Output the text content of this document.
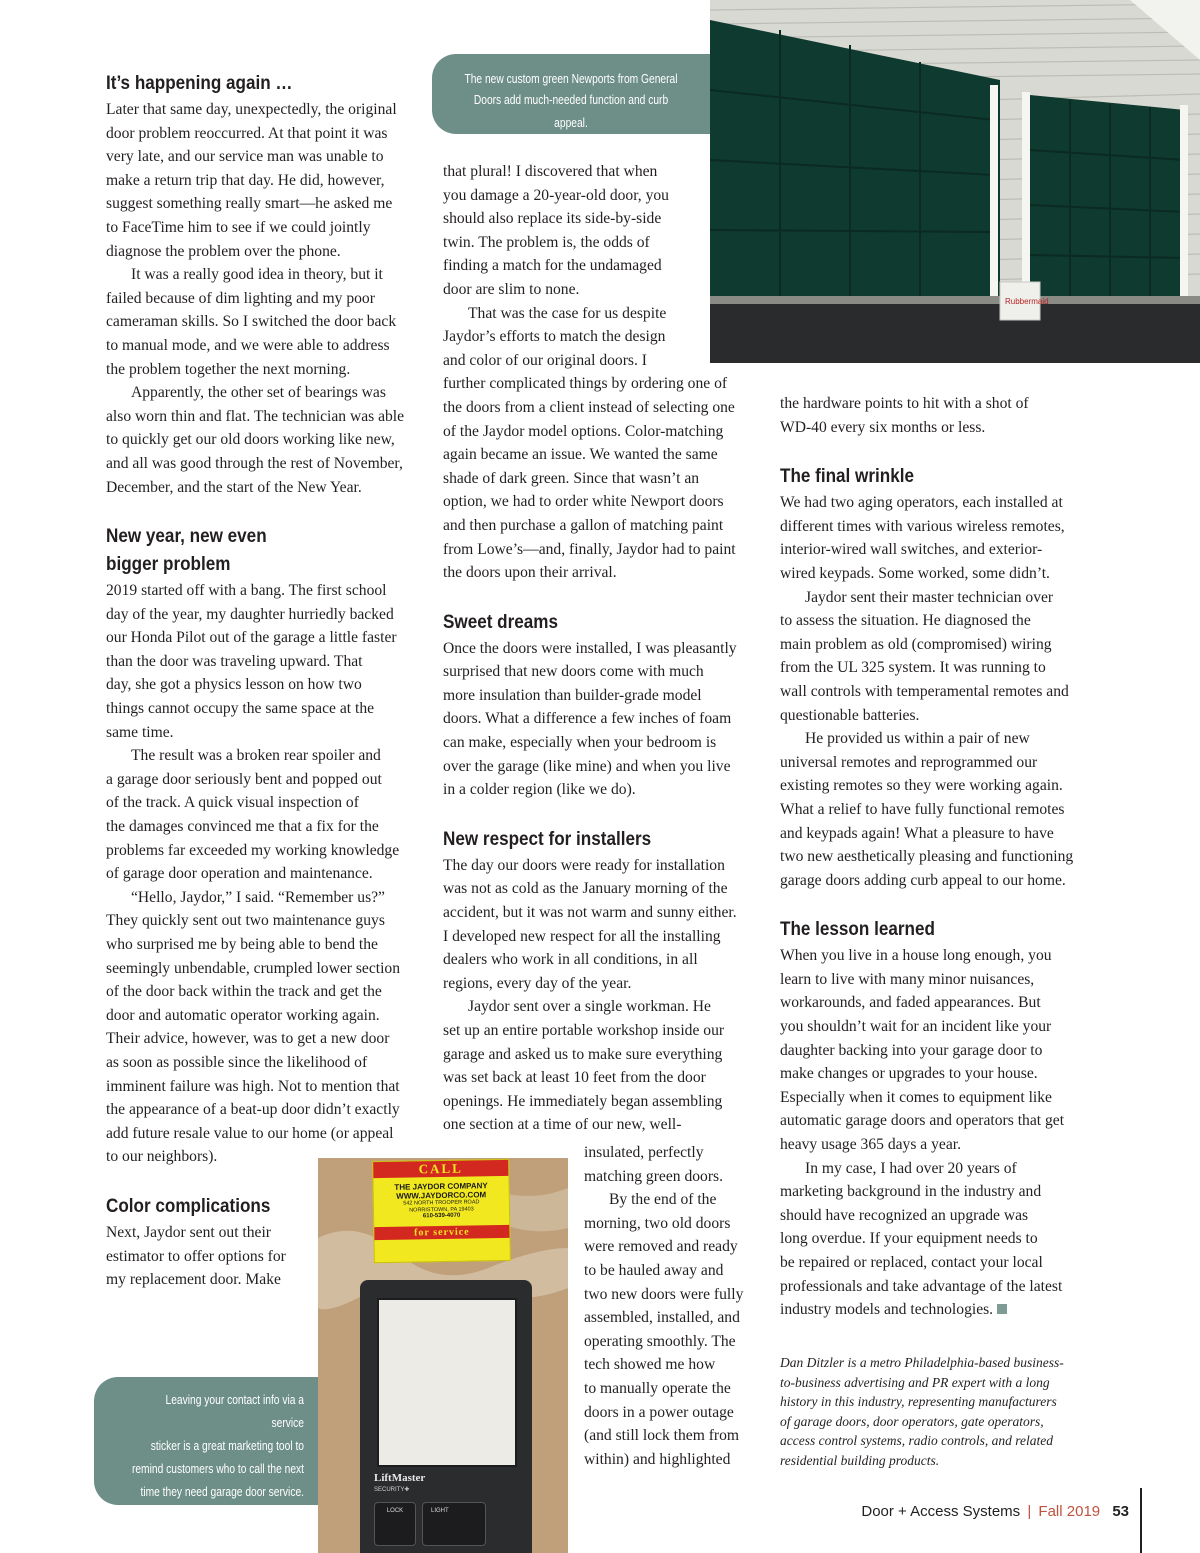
Rubbermaid
The new custom green Newports from General
Doors add much-needed function and curb appeal.
It’s happening again …

Later that same day, unexpectedly, the original

door problem reoccurred. At that point it was

very late, and our service man was unable to

make a return trip that day. He did, however,

suggest something really smart—he asked me

to FaceTime him to see if we could jointly

diagnose the problem over the phone.

It was a really good idea in theory, but it

failed because of dim lighting and my poor

cameraman skills. So I switched the door back

to manual mode, and we were able to address

the problem together the next morning.

Apparently, the other set of bearings was

also worn thin and flat. The technician was able

to quickly get our old doors working like new,

and all was good through the rest of November,

December, and the start of the New Year.

New year, new even
bigger problem

2019 started off with a bang. The first school

day of the year, my daughter hurriedly backed

our Honda Pilot out of the garage a little faster

than the door was traveling upward. That

day, she got a physics lesson on how two

things cannot occupy the same space at the

same time.

The result was a broken rear spoiler and

a garage door seriously bent and popped out

of the track. A quick visual inspection of

the damages convinced me that a fix for the

problems far exceeded my working knowledge

of garage door operation and maintenance.

“Hello, Jaydor,” I said. “Remember us?”

They quickly sent out two maintenance guys

who surprised me by being able to bend the

seemingly unbendable, crumpled lower section

of the door back within the track and get the

door and automatic operator working again.

Their advice, however, was to get a new door

as soon as possible since the likelihood of

imminent failure was high. Not to mention that

the appearance of a beat-up door didn’t exactly

add future resale value to our home (or appeal

to our neighbors).

Color complications

Next, Jaydor sent out their

estimator to offer options for

my replacement door. Make

that plural! I discovered that when

you damage a 20-year-old door, you

should also replace its side-by-side

twin. The problem is, the odds of

finding a match for the undamaged

door are slim to none.

That was the case for us despite

Jaydor’s efforts to match the design

and color of our original doors. I

further complicated things by ordering one of

the doors from a client instead of selecting one

of the Jaydor model options. Color-matching

again became an issue. We wanted the same

shade of dark green. Since that wasn’t an

option, we had to order white Newport doors

and then purchase a gallon of matching paint

from Lowe’s—and, finally, Jaydor had to paint

the doors upon their arrival.

Sweet dreams

Once the doors were installed, I was pleasantly

surprised that new doors come with much

more insulation than builder-grade model

doors. What a difference a few inches of foam

can make, especially when your bedroom is

over the garage (like mine) and when you live

in a colder region (like we do).

New respect for installers

The day our doors were ready for installation

was not as cold as the January morning of the

accident, but it was not warm and sunny either.

I developed new respect for all the installing

dealers who work in all conditions, in all

regions, every day of the year.

Jaydor sent over a single workman. He

set up an entire portable workshop inside our

garage and asked us to make sure everything

was set back at least 10 feet from the door

openings. He immediately began assembling

one section at a time of our new, well-

insulated, perfectly

matching green doors.

By the end of the

morning, two old doors

were removed and ready

to be hauled away and

two new doors were fully

assembled, installed, and

operating smoothly. The

tech showed me how

to manually operate the

doors in a power outage

(and still lock them from

within) and highlighted

the hardware points to hit with a shot of

WD-40 every six months or less.

The final wrinkle

We had two aging operators, each installed at

different times with various wireless remotes,

interior-wired wall switches, and exterior-

wired keypads. Some worked, some didn’t.

Jaydor sent their master technician over

to assess the situation. He diagnosed the

main problem as old (compromised) wiring

from the UL 325 system. It was running to

wall controls with temperamental remotes and

questionable batteries.

He provided us within a pair of new

universal remotes and reprogrammed our

existing remotes so they were working again.

What a relief to have fully functional remotes

and keypads again! What a pleasure to have

two new aesthetically pleasing and functioning

garage doors adding curb appeal to our home.

The lesson learned

When you live in a house long enough, you

learn to live with many minor nuisances,

workarounds, and faded appearances. But

you shouldn’t wait for an incident like your

daughter backing into your garage door to

make changes or upgrades to your house.

Especially when it comes to equipment like

automatic garage doors and operators that get

heavy usage 365 days a year.

In my case, I had over 20 years of

marketing background in the industry and

should have recognized an upgrade was

long overdue. If your equipment needs to

be repaired or replaced, contact your local

professionals and take advantage of the latest

industry models and technologies.

Dan Ditzler is a metro Philadelphia-based business-
to-business advertising and PR expert with a long
history in this industry, representing manufacturers
of garage doors, door operators, gate operators,
access control systems, radio controls, and related
residential building products.
CALL
THE JAYDOR COMPANY
WWW.JAYDORCO.COM
542 NORTH TROOPER ROAD
NORRISTOWN, PA 19403
610-539-4070
for service
LiftMaster
SECURITY✚
LOCK	LIGHT
Leaving your contact info via a service
sticker is a great marketing tool to
remind customers who to call the next
time they need garage door service.
Door + Access Systems | Fall 2019 53
